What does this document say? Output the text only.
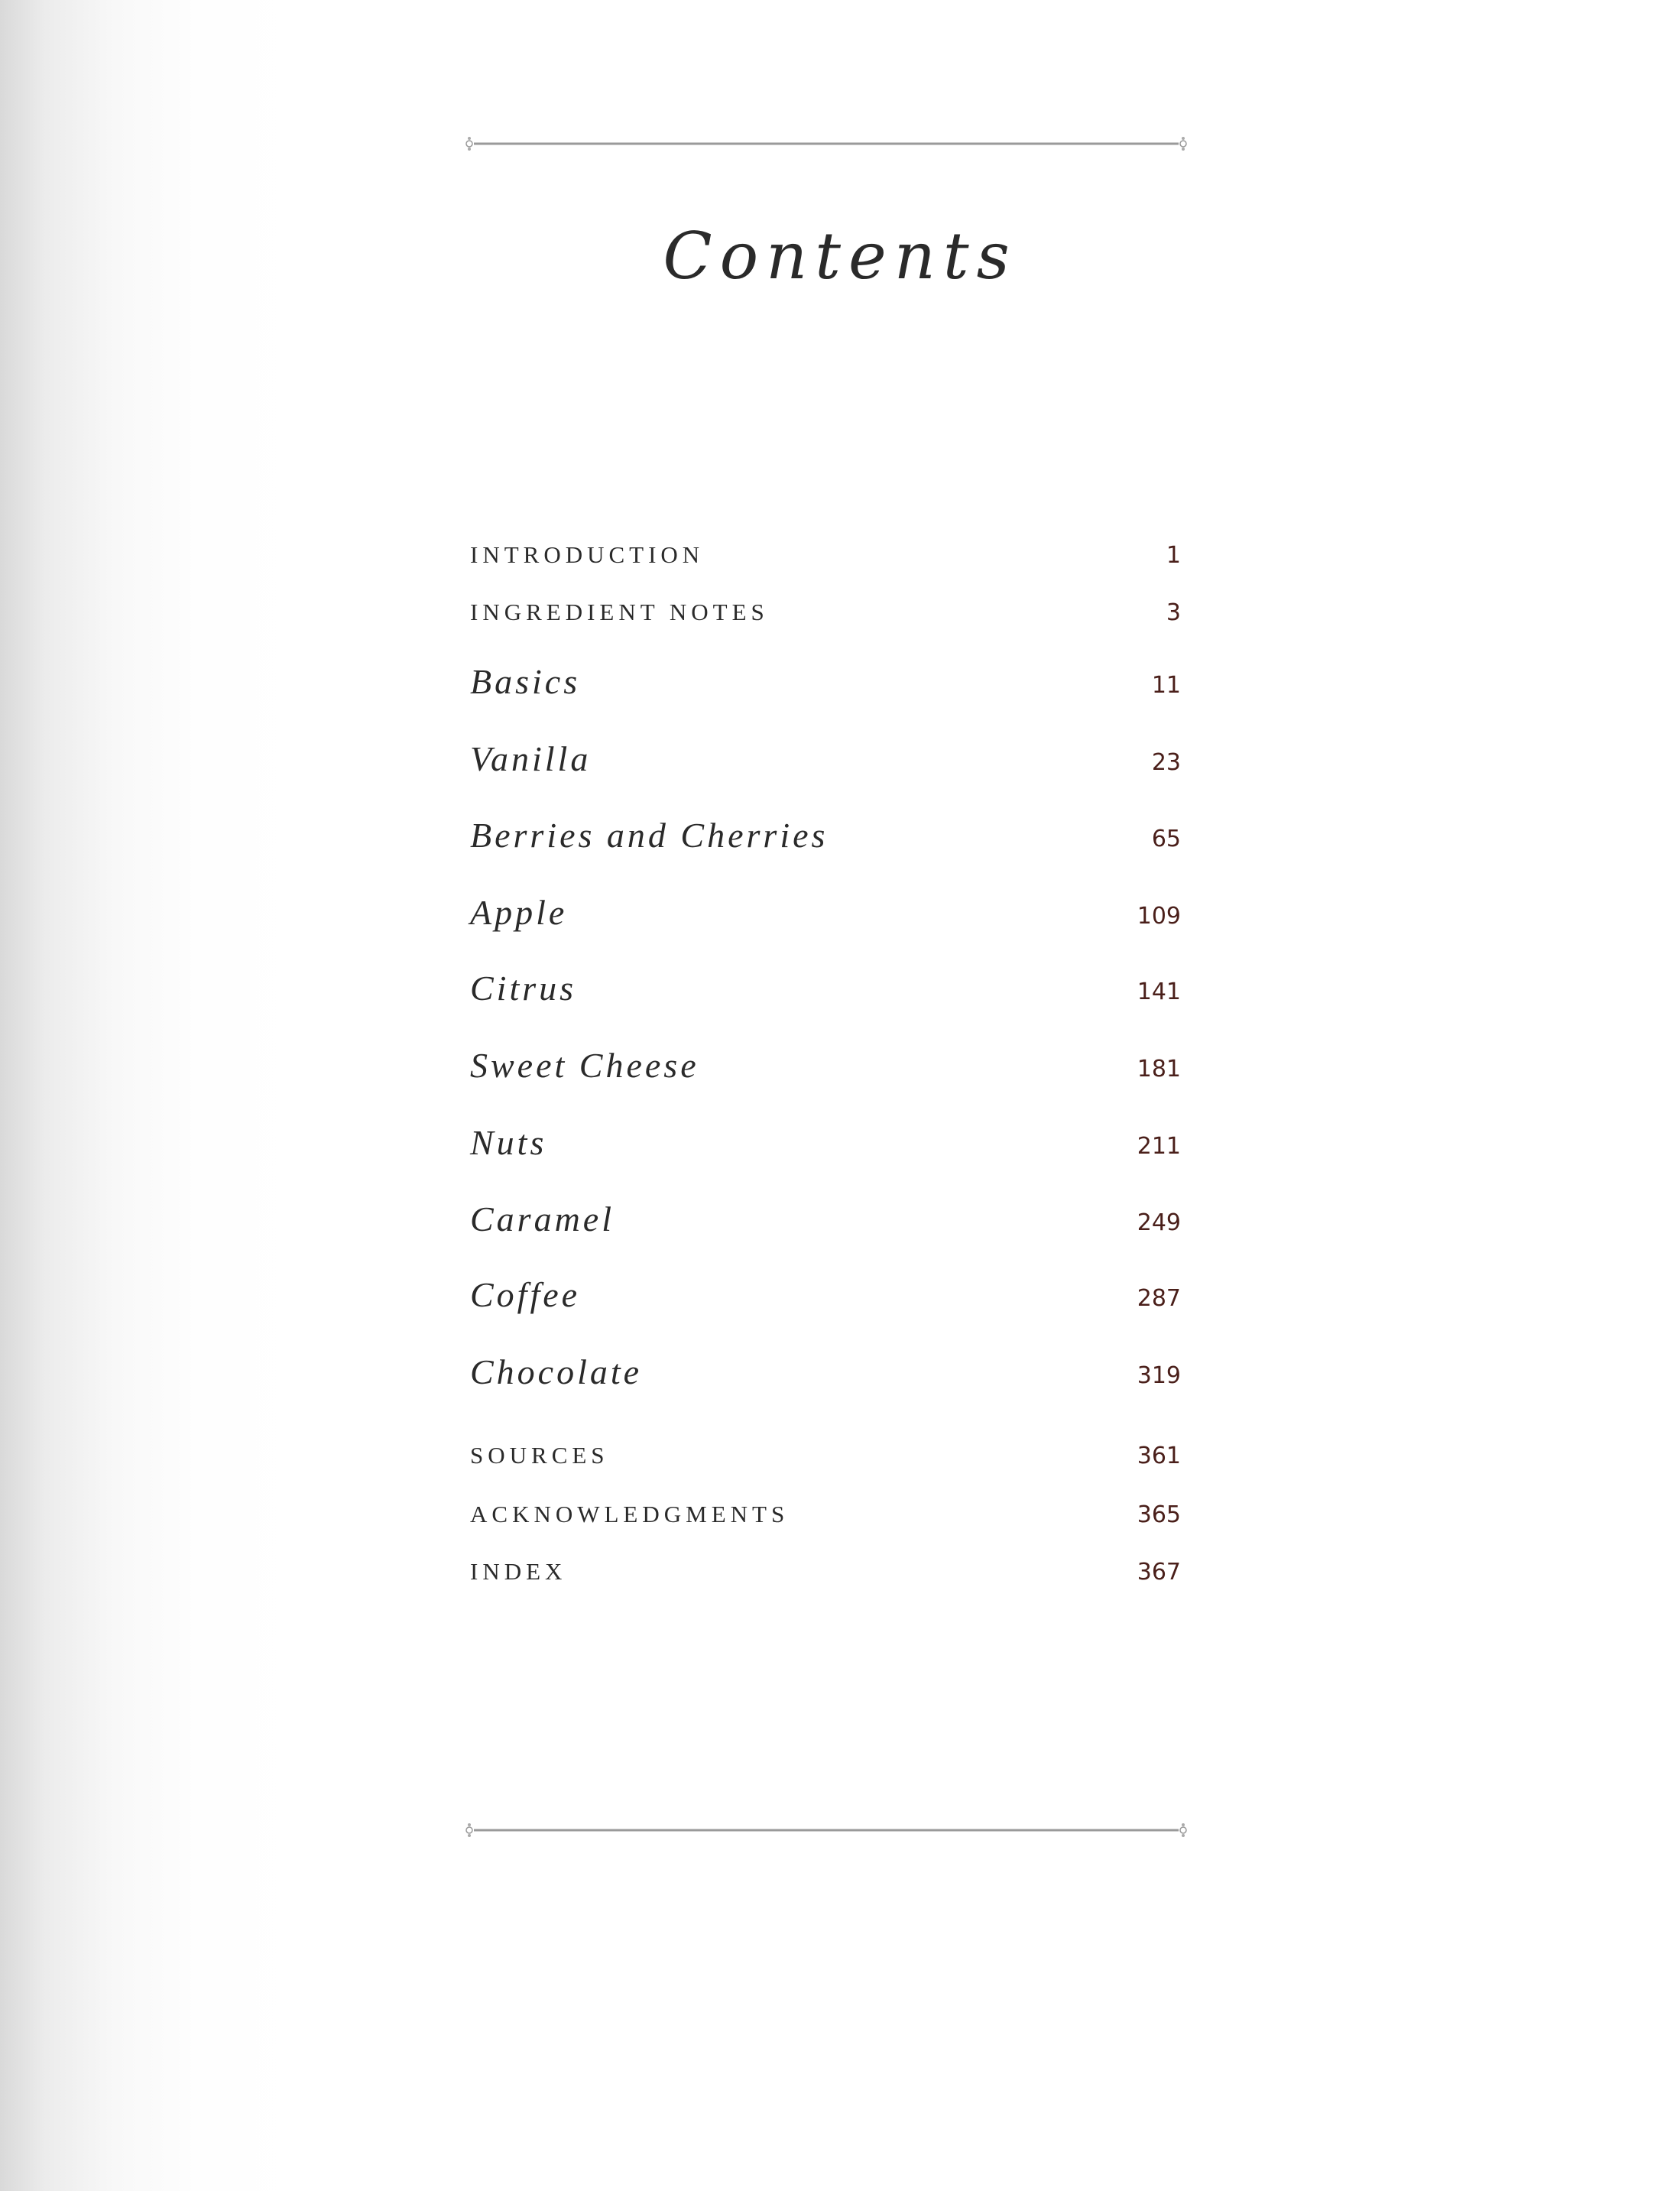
Contents
INTRODUCTION	1
INGREDIENT NOTES	3
Basics	11
Vanilla	23
Berries and Cherries	65
Apple	109
Citrus	141
Sweet Cheese	181
Nuts	211
Caramel	249
Coffee	287
Chocolate	319
SOURCES	361
ACKNOWLEDGMENTS	365
INDEX	367
